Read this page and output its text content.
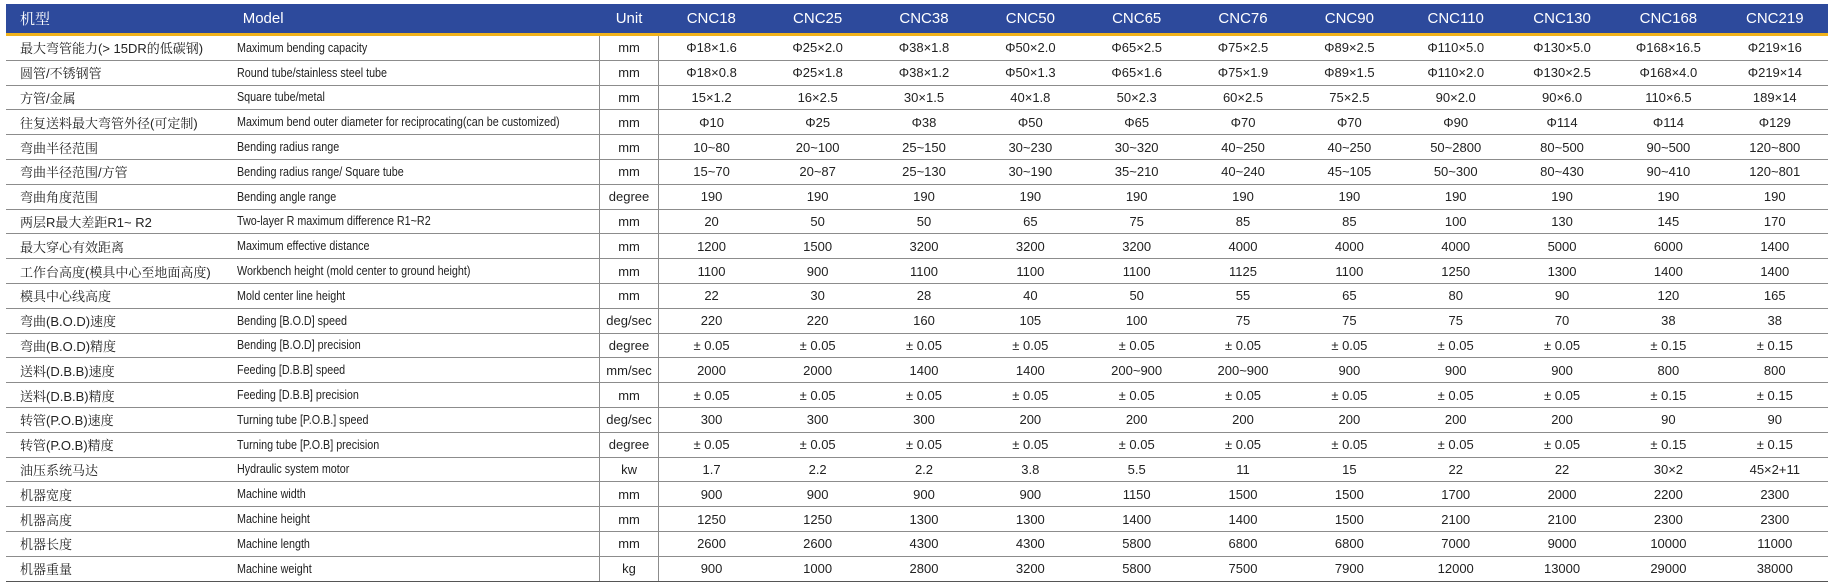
机型	Model	Unit	CNC18	CNC25	CNC38	CNC50	CNC65	CNC76	CNC90	CNC110	CNC130	CNC168	CNC219
最大弯管能力(> 15DR的低碳钢)	Maximum bending capacity	mm	Φ18×1.6	Φ25×2.0	Φ38×1.8	Φ50×2.0	Φ65×2.5	Φ75×2.5	Φ89×2.5	Φ110×5.0	Φ130×5.0	Φ168×16.5	Φ219×16
圆管/不锈钢管	Round tube/stainless steel tube	mm	Φ18×0.8	Φ25×1.8	Φ38×1.2	Φ50×1.3	Φ65×1.6	Φ75×1.9	Φ89×1.5	Φ110×2.0	Φ130×2.5	Φ168×4.0	Φ219×14
方管/金属	Square tube/metal	mm	15×1.2	16×2.5	30×1.5	40×1.8	50×2.3	60×2.5	75×2.5	90×2.0	90×6.0	110×6.5	189×14
往复送料最大弯管外径(可定制)	Maximum bend outer diameter for reciprocating(can be customized)	mm	Φ10	Φ25	Φ38	Φ50	Φ65	Φ70	Φ70	Φ90	Φ114	Φ114	Φ129
弯曲半径范围	Bending radius range	mm	10~80	20~100	25~150	30~230	30~320	40~250	40~250	50~2800	80~500	90~500	120~800
弯曲半径范围/方管	Bending radius range/ Square tube	mm	15~70	20~87	25~130	30~190	35~210	40~240	45~105	50~300	80~430	90~410	120~801
弯曲角度范围	Bending angle range	degree	190	190	190	190	190	190	190	190	190	190	190
两层R最大差距R1~ R2	Two-layer R maximum difference R1~R2	mm	20	50	50	65	75	85	85	100	130	145	170
最大穿心有效距离	Maximum effective distance	mm	1200	1500	3200	3200	3200	4000	4000	4000	5000	6000	1400
工作台高度(模具中心至地面高度)	Workbench height (mold center to ground height)	mm	1100	900	1100	1100	1100	1125	1100	1250	1300	1400	1400
模具中心线高度	Mold center line height	mm	22	30	28	40	50	55	65	80	90	120	165
弯曲(B.O.D)速度	Bending [B.O.D] speed	deg/sec	220	220	160	105	100	75	75	75	70	38	38
弯曲(B.O.D)精度	Bending [B.O.D] precision	degree	± 0.05	± 0.05	± 0.05	± 0.05	± 0.05	± 0.05	± 0.05	± 0.05	± 0.05	± 0.15	± 0.15
送料(D.B.B)速度	Feeding [D.B.B] speed	mm/sec	2000	2000	1400	1400	200~900	200~900	900	900	900	800	800
送料(D.B.B)精度	Feeding [D.B.B] precision	mm	± 0.05	± 0.05	± 0.05	± 0.05	± 0.05	± 0.05	± 0.05	± 0.05	± 0.05	± 0.15	± 0.15
转管(P.O.B)速度	Turning tube [P.O.B.] speed	deg/sec	300	300	300	200	200	200	200	200	200	90	90
转管(P.O.B)精度	Turning tube [P.O.B] precision	degree	± 0.05	± 0.05	± 0.05	± 0.05	± 0.05	± 0.05	± 0.05	± 0.05	± 0.05	± 0.15	± 0.15
油压系统马达	Hydraulic system motor	kw	1.7	2.2	2.2	3.8	5.5	11	15	22	22	30×2	45×2+11
机器宽度	Machine width	mm	900	900	900	900	1150	1500	1500	1700	2000	2200	2300
机器高度	Machine height	mm	1250	1250	1300	1300	1400	1400	1500	2100	2100	2300	2300
机器长度	Machine length	mm	2600	2600	4300	4300	5800	6800	6800	7000	9000	10000	11000
机器重量	Machine weight	kg	900	1000	2800	3200	5800	7500	7900	12000	13000	29000	38000
